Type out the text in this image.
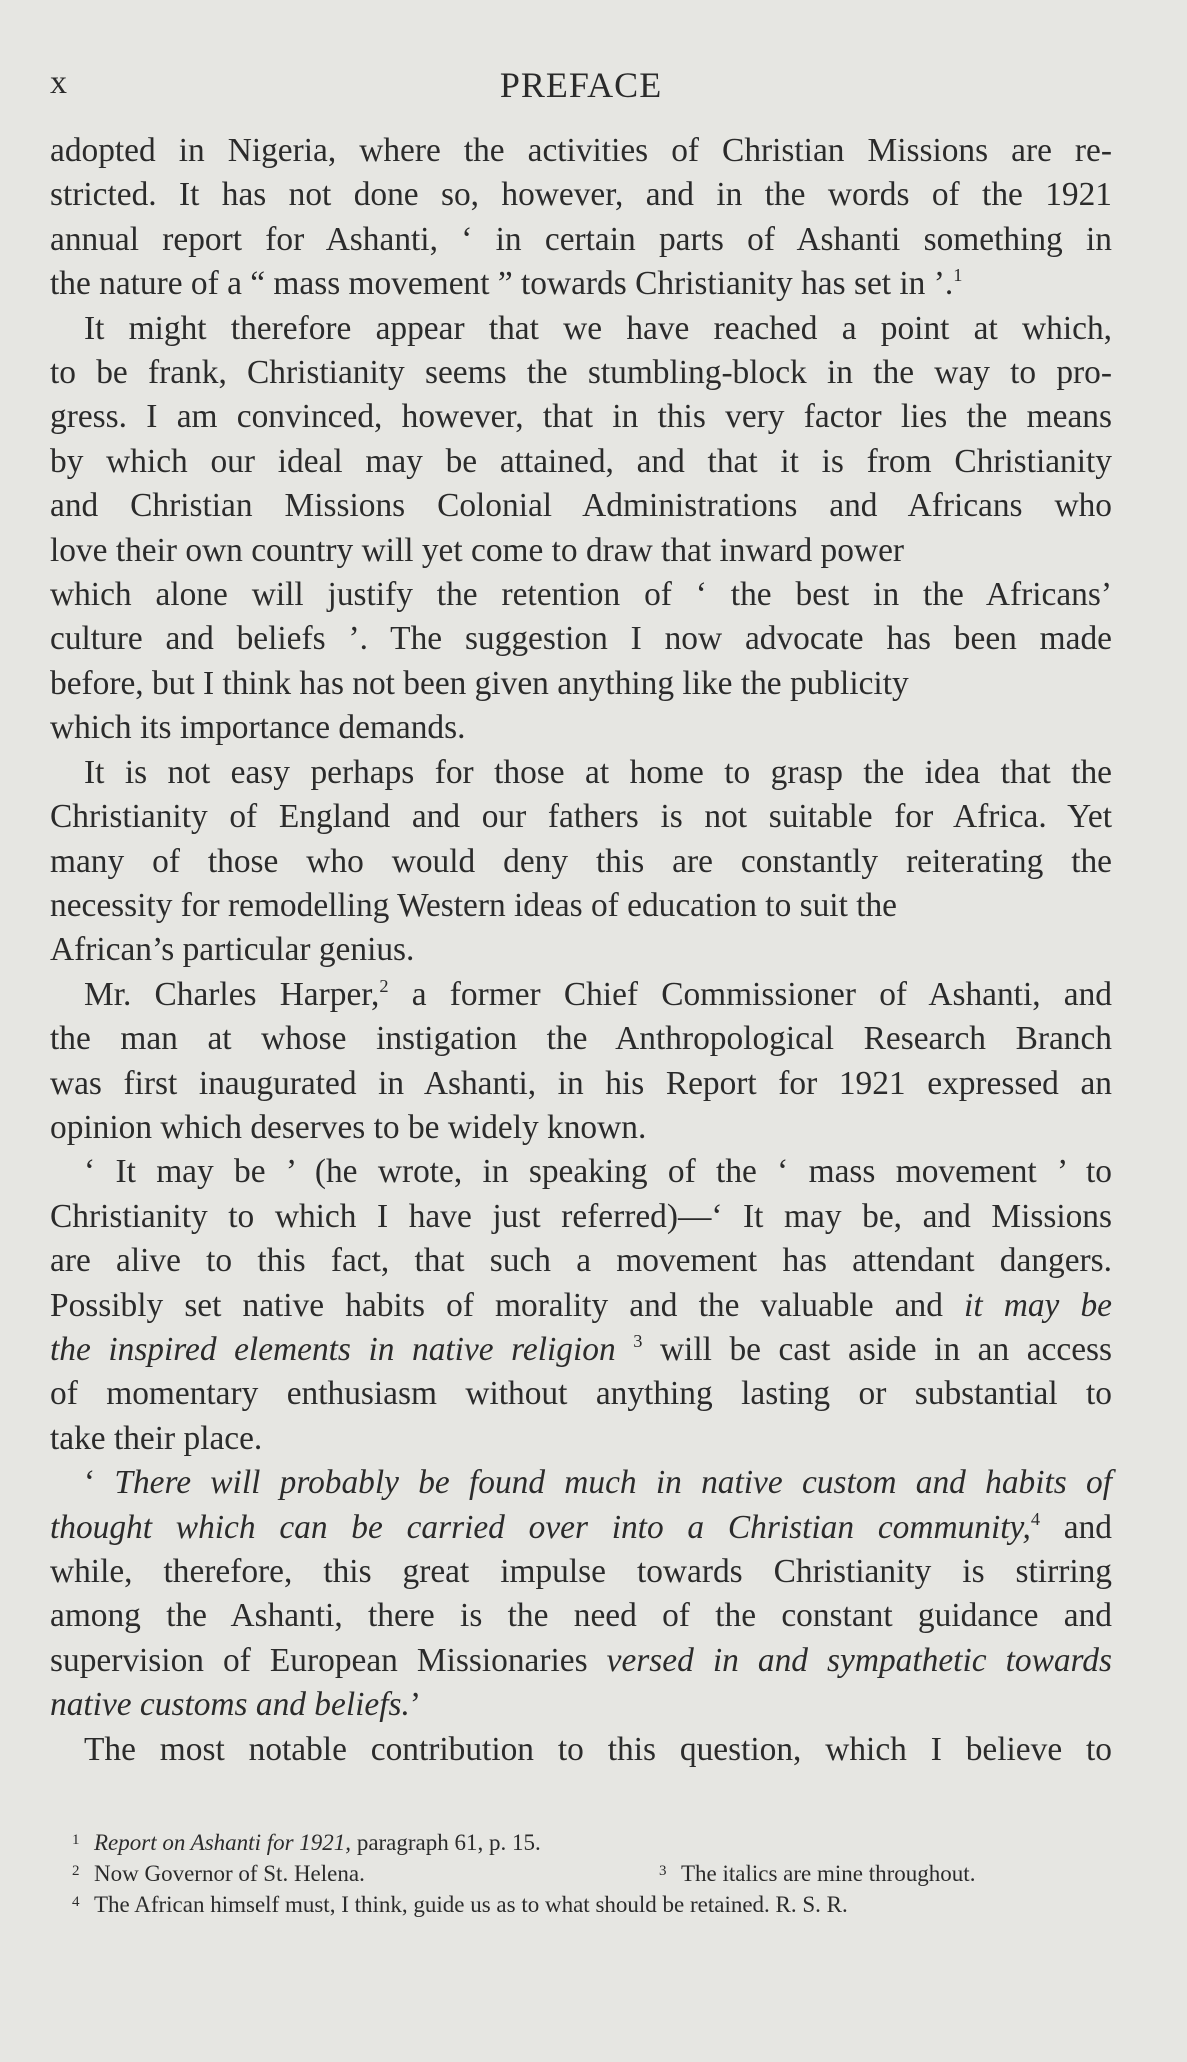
x	PREFACE
adopted in Nigeria, where the activities of Christian Missions are re-
stricted. It has not done so, however, and in the words of the 1921
annual report for Ashanti, ‘ in certain parts of Ashanti something in
the nature of a “ mass movement ” towards Christianity has set in ’.$^1$
It might therefore appear that we have reached a point at which,
to be frank, Christianity seems the stumbling-block in the way to pro-
gress. I am convinced, however, that in this very factor lies the means
by which our ideal may be attained, and that it is from Christianity
and Christian Missions Colonial Administrations and Africans who
love their own country will yet come to draw that inward power
which alone will justify the retention of ‘ the best in the Africans’
culture and beliefs ’. The suggestion I now advocate has been made
before, but I think has not been given anything like the publicity
which its importance demands.
It is not easy perhaps for those at home to grasp the idea that the
Christianity of England and our fathers is not suitable for Africa. Yet
many of those who would deny this are constantly reiterating the
necessity for remodelling Western ideas of education to suit the
African’s particular genius.
Mr. Charles Harper,$^2$ a former Chief Commissioner of Ashanti, and
the man at whose instigation the Anthropological Research Branch
was first inaugurated in Ashanti, in his Report for 1921 expressed an
opinion which deserves to be widely known.
‘ It may be ’ (he wrote, in speaking of the ‘ mass movement ’ to
Christianity to which I have just referred)—‘ It may be, and Missions
are alive to this fact, that such a movement has attendant dangers.
Possibly set native habits of morality and the valuable and it may be
the inspired elements in native religion $^3$ will be cast aside in an access
of momentary enthusiasm without anything lasting or substantial to
take their place.
‘ There will probably be found much in native custom and habits of
thought which can be carried over into a Christian community,$^4$ and
while, therefore, this great impulse towards Christianity is stirring
among the Ashanti, there is the need of the constant guidance and
supervision of European Missionaries versed in and sympathetic towards
native customs and beliefs.’
The most notable contribution to this question, which I believe to
1 Report on Ashanti for 1921, paragraph 61, p. 15.
2 Now Governor of St. Helena.	3 The italics are mine throughout.
4 The African himself must, I think, guide us as to what should be retained. R. S. R.
